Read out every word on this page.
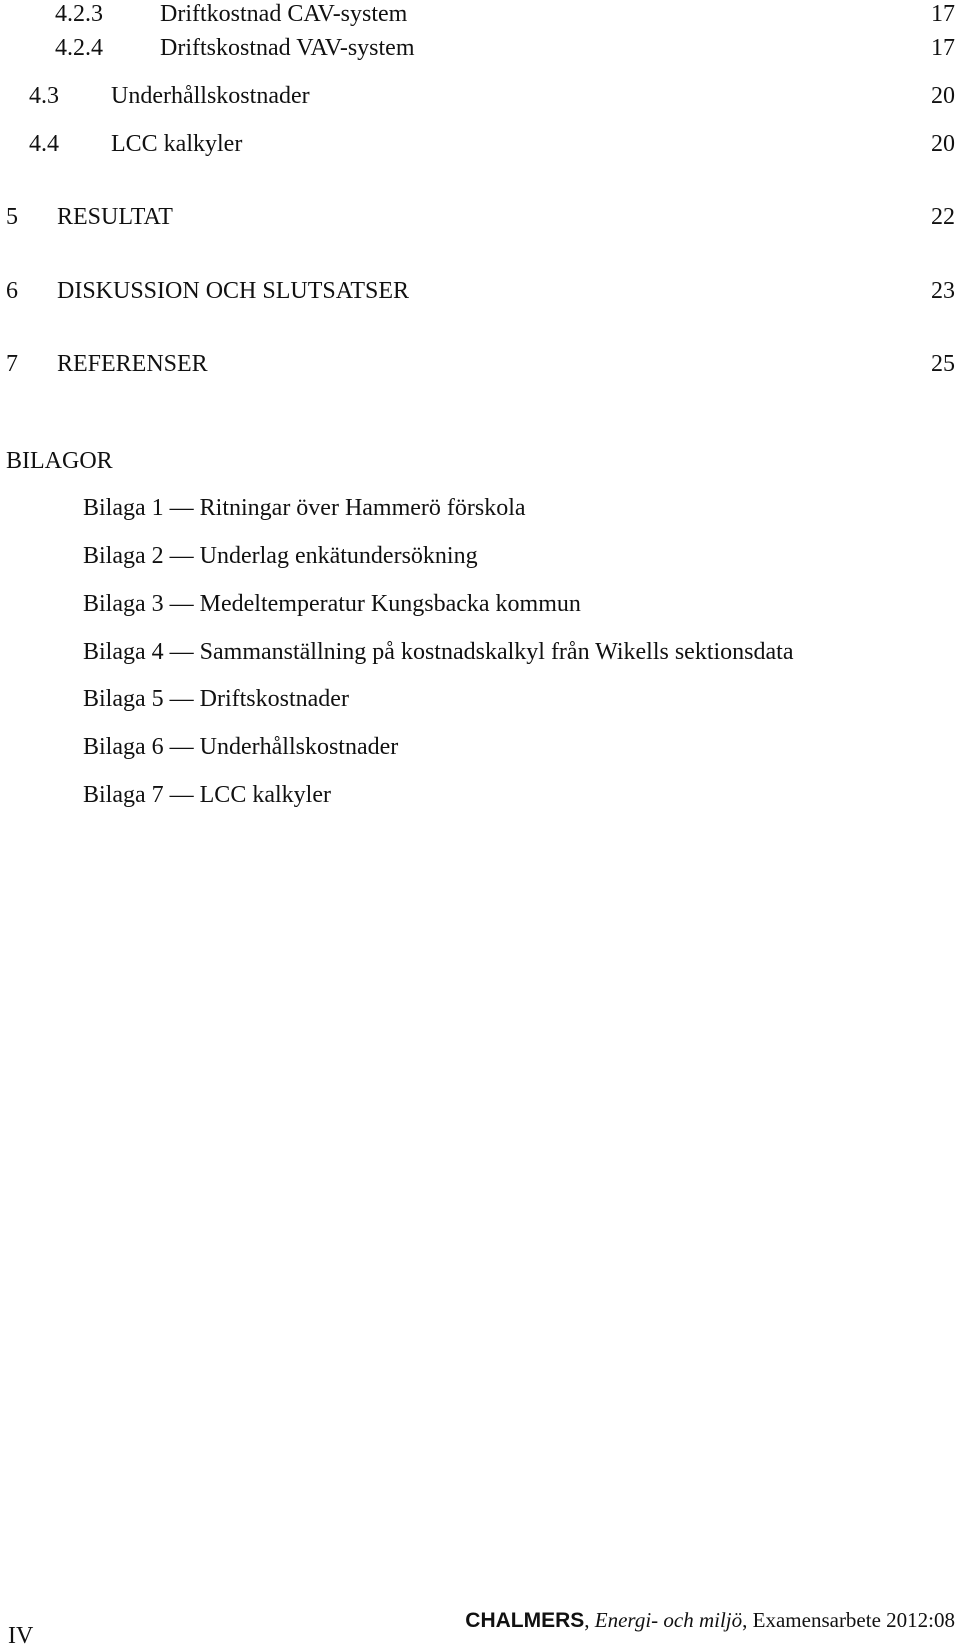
4.2.3 Driftkostnad CAV-system	17
4.2.4 Driftskostnad VAV-system	17
4.3 Underhållskostnader	20
4.4 LCC kalkyler	20
5 RESULTAT	22
6 DISKUSSION OCH SLUTSATSER	23
7 REFERENSER	25
BILAGOR
Bilaga 1 — Ritningar över Hammerö förskola
Bilaga 2 — Underlag enkätundersökning
Bilaga 3 — Medeltemperatur Kungsbacka kommun
Bilaga 4 — Sammanställning på kostnadskalkyl från Wikells sektionsdata
Bilaga 5 — Driftskostnader
Bilaga 6 — Underhållskostnader
Bilaga 7 — LCC kalkyler
IV
CHALMERS, Energi- och miljö, Examensarbete 2012:08
